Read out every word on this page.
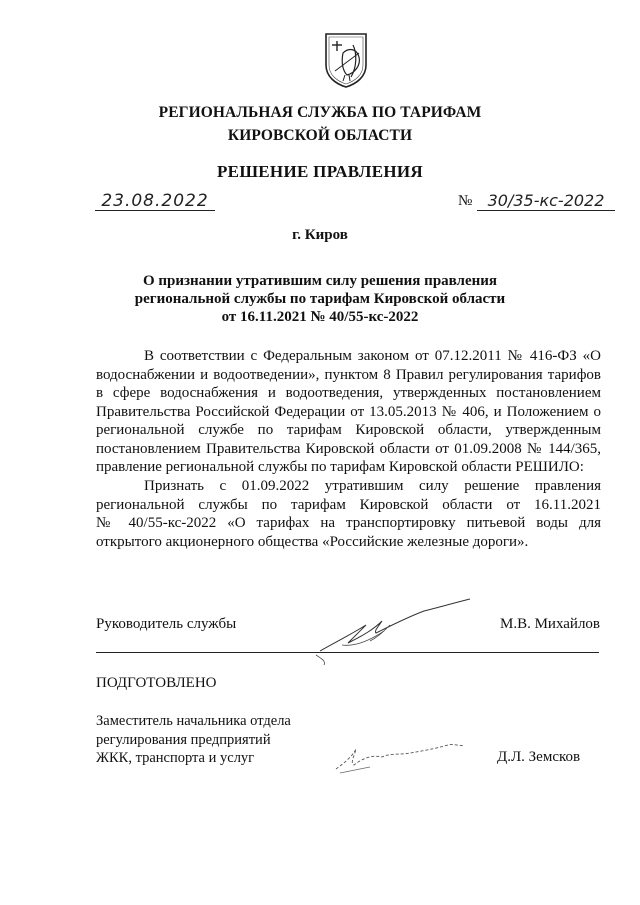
РЕГИОНАЛЬНАЯ СЛУЖБА ПО ТАРИФАМ
КИРОВСКОЙ ОБЛАСТИ
РЕШЕНИЕ ПРАВЛЕНИЯ
23.08.2022	№ 30/35-кс-2022
г. Киров
О признании утратившим силу решения правления
региональной службы по тарифам Кировской области
от 16.11.2021 № 40/55-кс-2022
В соответствии с Федеральным законом от 07.12.2011 № 416-ФЗ «О
водоснабжении и водоотведении», пунктом 8 Правил регулирования тарифов
в сфере водоснабжения и водоотведения, утвержденных постановлением
Правительства Российской Федерации от 13.05.2013 № 406, и Положением о
региональной службе по тарифам Кировской области, утвержденным
постановлением Правительства Кировской области от 01.09.2008 № 144/365,
правление региональной службы по тарифам Кировской области РЕШИЛО:
Признать с 01.09.2022 утратившим силу решение правления
региональной службы по тарифам Кировской области от 16.11.2021
№ 40/55-кс-2022 «О тарифах на транспортировку питьевой воды для
открытого акционерного общества «Российские железные дороги».
Руководитель службы	М.В. Михайлов
ПОДГОТОВЛЕНО
Заместитель начальника отдела
регулирования предприятий
ЖКК, транспорта и услуг	Д.Л. Земсков
